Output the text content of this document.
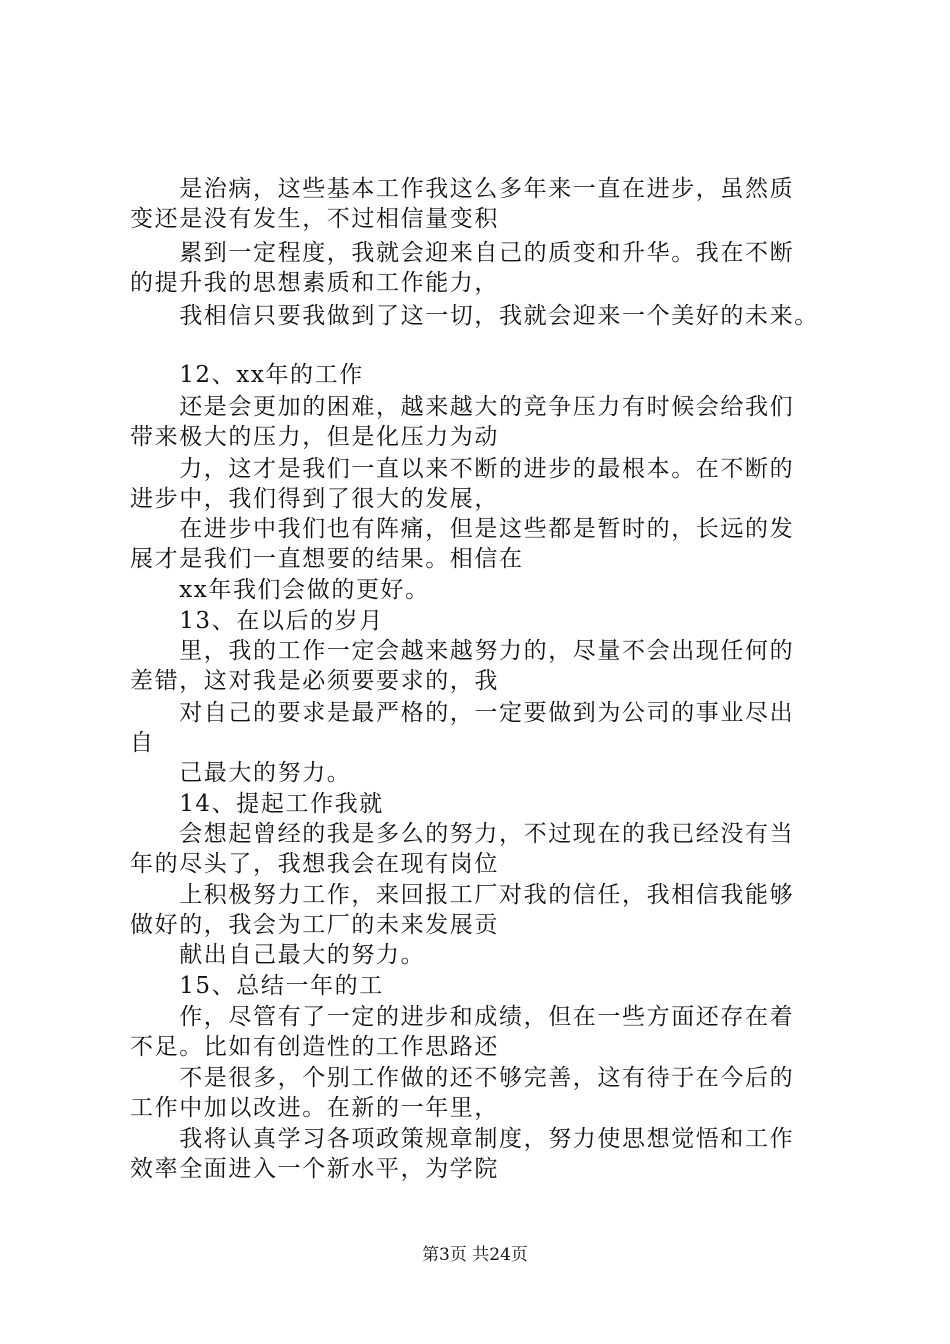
　　是治病，这些基本工作我这么多年来一直在进步，虽然质
变还是没有发生，不过相信量变积
　　累到一定程度，我就会迎来自己的质变和升华。我在不断
的提升我的思想素质和工作能力，
　　我相信只要我做到了这一切，我就会迎来一个美好的未来。
　　12、xx年的工作
　　还是会更加的困难，越来越大的竞争压力有时候会给我们
带来极大的压力，但是化压力为动
　　力，这才是我们一直以来不断的进步的最根本。在不断的
进步中，我们得到了很大的发展，
　　在进步中我们也有阵痛，但是这些都是暂时的，长远的发
展才是我们一直想要的结果。相信在
　　xx年我们会做的更好。
　　13、在以后的岁月
　　里，我的工作一定会越来越努力的，尽量不会出现任何的
差错，这对我是必须要要求的，我
　　对自己的要求是最严格的，一定要做到为公司的事业尽出
自
　　己最大的努力。
　　14、提起工作我就
　　会想起曾经的我是多么的努力，不过现在的我已经没有当
年的尽头了，我想我会在现有岗位
　　上积极努力工作，来回报工厂对我的信任，我相信我能够
做好的，我会为工厂的未来发展贡
　　献出自己最大的努力。
　　15、总结一年的工
　　作，尽管有了一定的进步和成绩，但在一些方面还存在着
不足。比如有创造性的工作思路还
　　不是很多，个别工作做的还不够完善，这有待于在今后的
工作中加以改进。在新的一年里，
　　我将认真学习各项政策规章制度，努力使思想觉悟和工作
效率全面进入一个新水平，为学院
第3页 共24页
